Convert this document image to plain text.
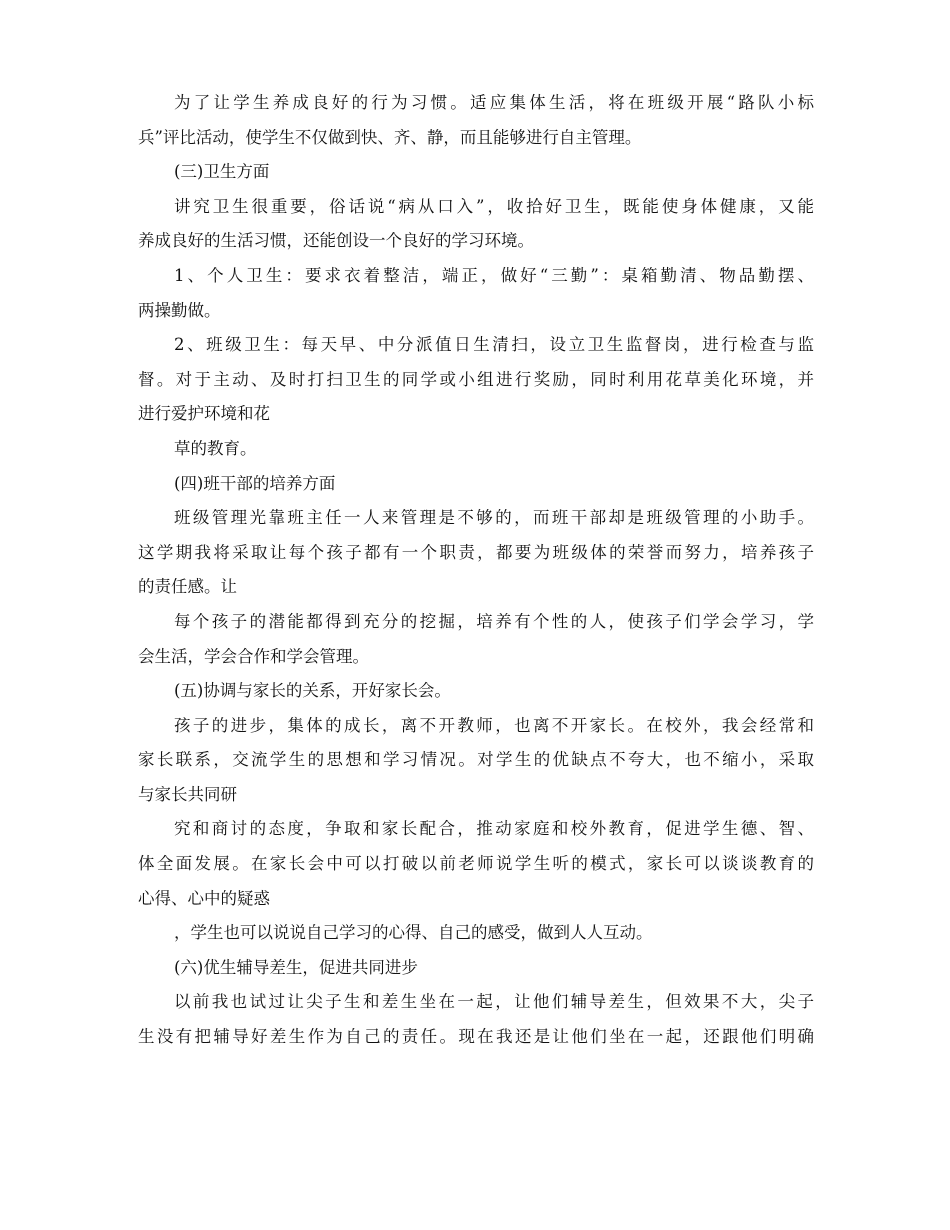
为了让学生养成良好的行为习惯。适应集体生活，将在班级开展“路队小标
兵”评比活动，使学生不仅做到快、齐、静，而且能够进行自主管理。
(三)卫生方面
讲究卫生很重要，俗话说“病从口入”，收拾好卫生，既能使身体健康，又能
养成良好的生活习惯，还能创设一个良好的学习环境。
1、个人卫生：要求衣着整洁，端正，做好“三勤”：桌箱勤清、物品勤摆、
两操勤做。
2、班级卫生：每天早、中分派值日生清扫，设立卫生监督岗，进行检查与监
督。对于主动、及时打扫卫生的同学或小组进行奖励，同时利用花草美化环境，并
进行爱护环境和花
草的教育。
(四)班干部的培养方面
班级管理光靠班主任一人来管理是不够的，而班干部却是班级管理的小助手。
这学期我将采取让每个孩子都有一个职责，都要为班级体的荣誉而努力，培养孩子
的责任感。让
每个孩子的潜能都得到充分的挖掘，培养有个性的人，使孩子们学会学习，学
会生活，学会合作和学会管理。
(五)协调与家长的关系，开好家长会。
孩子的进步，集体的成长，离不开教师，也离不开家长。在校外，我会经常和
家长联系，交流学生的思想和学习情况。对学生的优缺点不夸大，也不缩小，采取
与家长共同研
究和商讨的态度，争取和家长配合，推动家庭和校外教育，促进学生德、智、
体全面发展。在家长会中可以打破以前老师说学生听的模式，家长可以谈谈教育的
心得、心中的疑惑
，学生也可以说说自己学习的心得、自己的感受，做到人人互动。
(六)优生辅导差生，促进共同进步
以前我也试过让尖子生和差生坐在一起，让他们辅导差生，但效果不大，尖子
生没有把辅导好差生作为自己的责任。现在我还是让他们坐在一起，还跟他们明确
